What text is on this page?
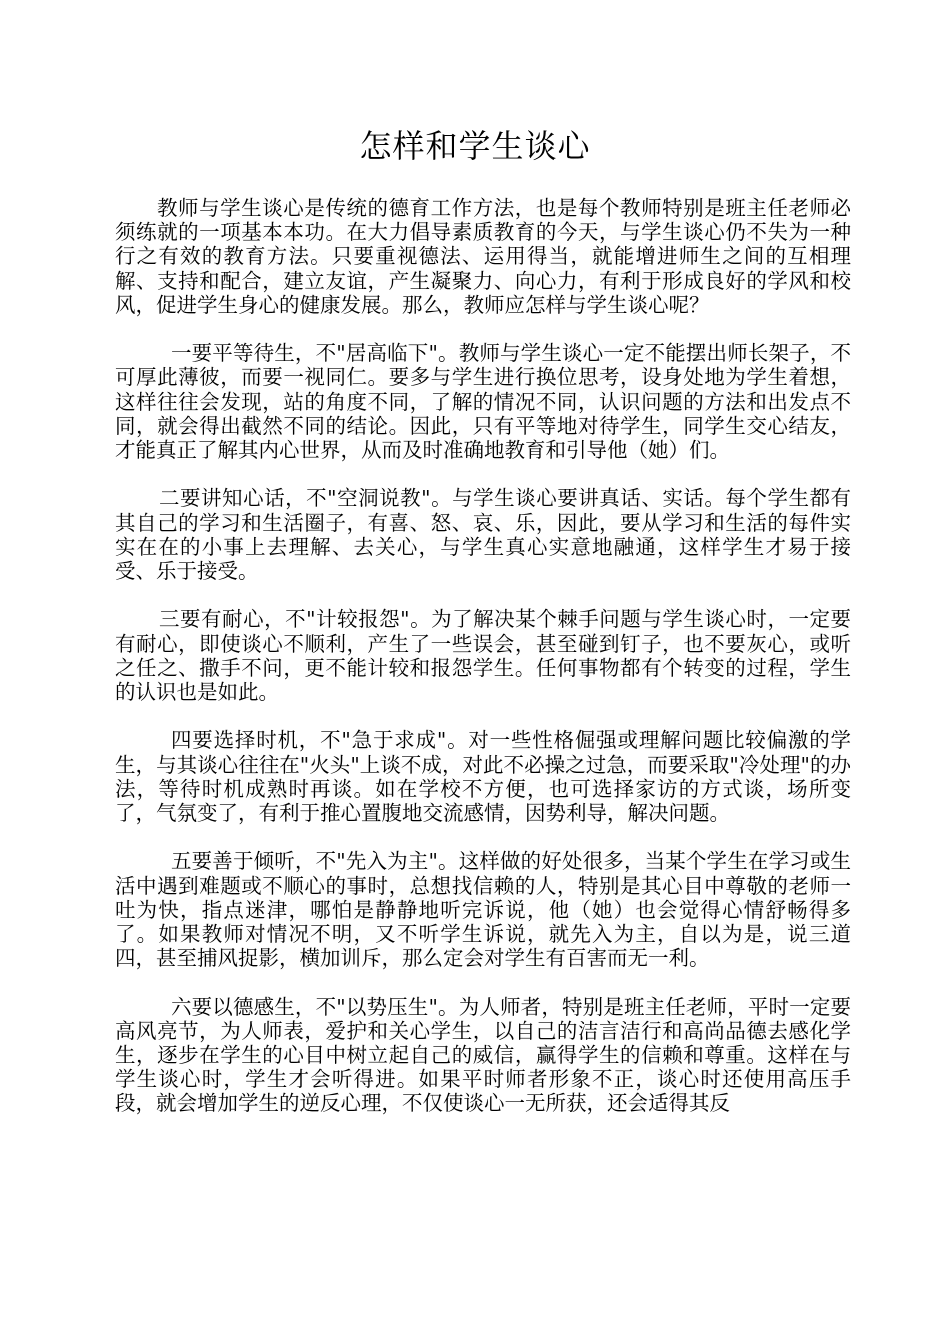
怎样和学生谈心

教师与学生谈心是传统的德育工作方法，也是每个教师特别是班主任老师必须练就的一项基本本功。在大力倡导素质教育的今天，与学生谈心仍不失为一种行之有效的教育方法。只要重视德法、运用得当，就能增进师生之间的互相理解、支持和配合，建立友谊，产生凝聚力、向心力，有利于形成良好的学风和校风，促进学生身心的健康发展。那么，教师应怎样与学生谈心呢？

一要平等待生，不"居高临下"。教师与学生谈心一定不能摆出师长架子，不可厚此薄彼，而要一视同仁。要多与学生进行换位思考，设身处地为学生着想，这样往往会发现，站的角度不同，了解的情况不同，认识问题的方法和出发点不同，就会得出截然不同的结论。因此，只有平等地对待学生，同学生交心结友，才能真正了解其内心世界，从而及时准确地教育和引导他（她）们。

二要讲知心话，不"空洞说教"。与学生谈心要讲真话、实话。每个学生都有其自己的学习和生活圈子，有喜、怒、哀、乐，因此，要从学习和生活的每件实实在在的小事上去理解、去关心，与学生真心实意地融通，这样学生才易于接受、乐于接受。

三要有耐心，不"计较报怨"。为了解决某个棘手问题与学生谈心时，一定要有耐心，即使谈心不顺利，产生了一些误会，甚至碰到钉子，也不要灰心，或听之任之、撒手不问，更不能计较和报怨学生。任何事物都有个转变的过程，学生的认识也是如此。

四要选择时机，不"急于求成"。对一些性格倔强或理解问题比较偏激的学生，与其谈心往往在"火头"上谈不成，对此不必操之过急，而要采取"冷处理"的办法，等待时机成熟时再谈。如在学校不方便，也可选择家访的方式谈，场所变了，气氛变了，有利于推心置腹地交流感情，因势利导，解决问题。

五要善于倾听，不"先入为主"。这样做的好处很多，当某个学生在学习或生活中遇到难题或不顺心的事时，总想找信赖的人，特别是其心目中尊敬的老师一吐为快，指点迷津，哪怕是静静地听完诉说，他（她）也会觉得心情舒畅得多了。如果教师对情况不明，又不听学生诉说，就先入为主，自以为是，说三道四，甚至捕风捉影，横加训斥，那么定会对学生有百害而无一利。

六要以德感生，不"以势压生"。为人师者，特别是班主任老师，平时一定要高风亮节，为人师表，爱护和关心学生，以自己的洁言洁行和高尚品德去感化学生，逐步在学生的心目中树立起自己的威信，赢得学生的信赖和尊重。这样在与学生谈心时，学生才会听得进。如果平时师者形象不正，谈心时还使用高压手段，就会增加学生的逆反心理，不仅使谈心一无所获，还会适得其反
